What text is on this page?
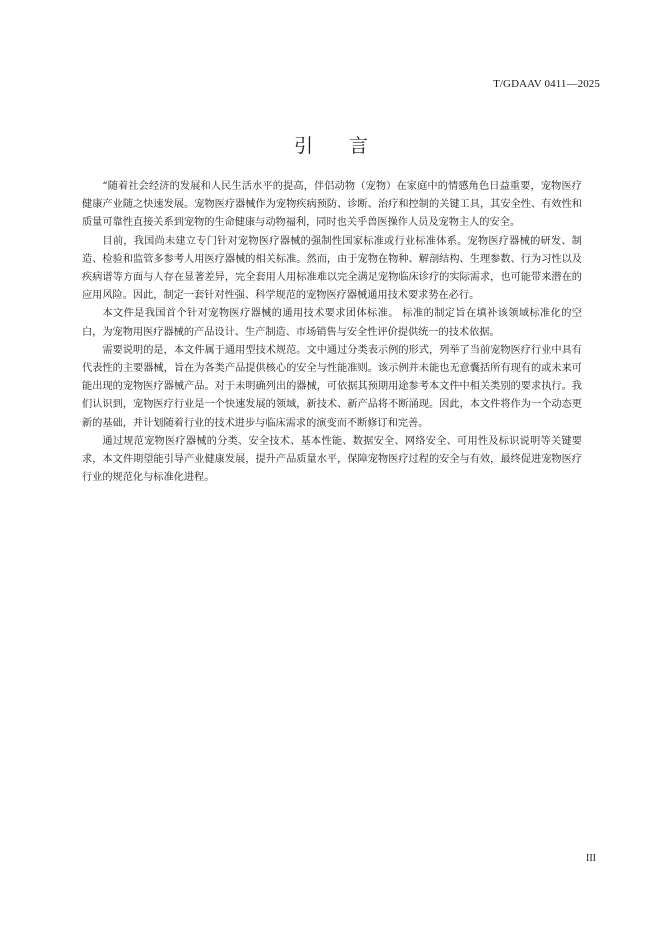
T/GDAAV 0411—2025
引言

“随着社会经济的发展和人民生活水平的提高，伴侣动物（宠物）在家庭中的情感角色日益重要，宠物医疗健康产业随之快速发展。宠物医疗器械作为宠物疾病预防、诊断、治疗和控制的关键工具，其安全性、有效性和质量可靠性直接关系到宠物的生命健康与动物福利，同时也关乎兽医操作人员及宠物主人的安全。

目前，我国尚未建立专门针对宠物医疗器械的强制性国家标准或行业标准体系。宠物医疗器械的研发、制造、检验和监管多参考人用医疗器械的相关标准。然而，由于宠物在物种、解剖结构、生理参数、行为习性以及疾病谱等方面与人存在显著差异，完全套用人用标准难以完全满足宠物临床诊疗的实际需求，也可能带来潜在的应用风险。因此，制定一套针对性强、科学规范的宠物医疗器械通用技术要求势在必行。

本文件是我国首个针对宠物医疗器械的通用技术要求团体标准。 标准的制定旨在填补该领域标准化的空白，为宠物用医疗器械的产品设计、生产制造、市场销售与安全性评价提供统一的技术依据。

需要说明的是，本文件属于通用型技术规范。文中通过分类表示例的形式，列举了当前宠物医疗行业中具有代表性的主要器械，旨在为各类产品提供核心的安全与性能准则。该示例并未能也无意囊括所有现有的或未来可能出现的宠物医疗器械产品。对于未明确列出的器械，可依据其预期用途参考本文件中相关类别的要求执行。我们认识到，宠物医疗行业是一个快速发展的领域，新技术、新产品将不断涌现。因此，本文件将作为一个动态更新的基础，并计划随着行业的技术进步与临床需求的演变而不断修订和完善。

通过规范宠物医疗器械的分类、安全技术、基本性能、数据安全、网络安全、可用性及标识说明等关键要求，本文件期望能引导产业健康发展，提升产品质量水平，保障宠物医疗过程的安全与有效，最终促进宠物医疗行业的规范化与标准化进程。

III
